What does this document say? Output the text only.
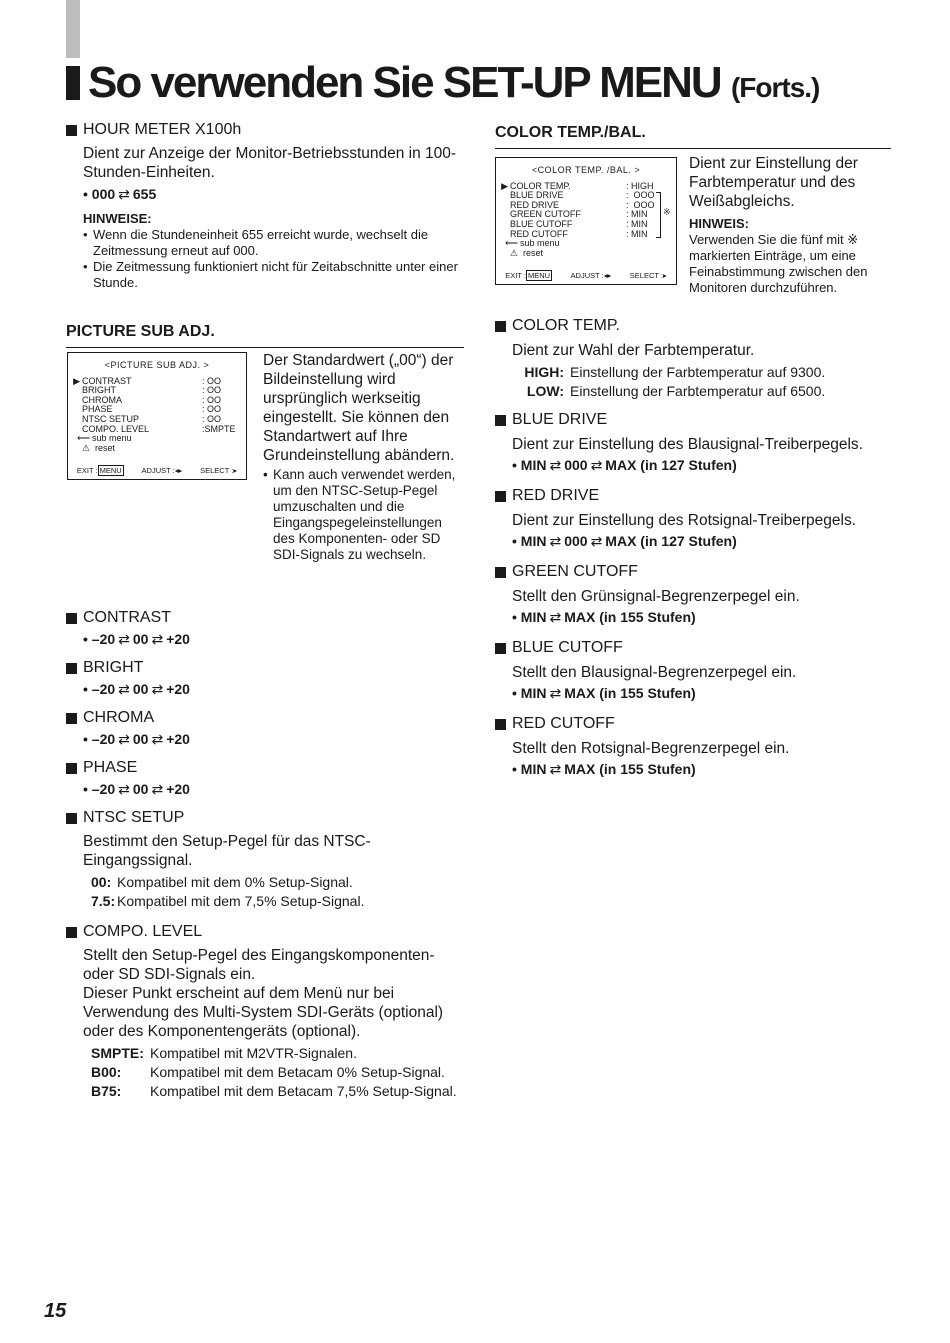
So verwenden Sie SET-UP MENU (Forts.)

HOUR METER X100h

Dient zur Anzeige der Monitor-Betriebsstunden in 100-Stunden-Einheiten.

• 000 ⇄ 655

HINWEISE:

• Wenn die Stundeneinheit 655 erreicht wurde, wechselt die Zeitmessung erneut auf 000.
• Die Zeitmessung funktioniert nicht für Zeitabschnitte unter einer Stunde.

PICTURE SUB ADJ.

<PICTURE SUB ADJ. >
▶ CONTRAST	: OO
BRIGHT	: OO
CHROMA	: OO
PHASE	: OO
NTSC SETUP	: OO
COMPO. LEVEL	:SMPTE
⟵ sub menu
⚠ reset
EXIT : MENU	ADJUST :◂▸ SELECT :▸

Der Standardwert („00“) der Bildeinstellung wird ursprünglich werkseitig eingestellt. Sie können den Standartwert auf Ihre Grundeinstellung abändern.

• Kann auch verwendet werden, um den NTSC-Setup-Pegel umzuschalten und die Eingangspegeleinstellungen des Komponenten- oder SD SDI-Signals zu wechseln.

CONTRAST

• –20 ⇄ 00 ⇄ +20

BRIGHT

• –20 ⇄ 00 ⇄ +20

CHROMA

• –20 ⇄ 00 ⇄ +20

PHASE

• –20 ⇄ 00 ⇄ +20

NTSC SETUP

Bestimmt den Setup-Pegel für das NTSC-Eingangssignal.

00: Kompatibel mit dem 0% Setup-Signal.
7.5: Kompatibel mit dem 7,5% Setup-Signal.

COMPO. LEVEL

Stellt den Setup-Pegel des Eingangskomponenten-oder SD SDI-Signals ein.

Dieser Punkt erscheint auf dem Menü nur bei Verwendung des Multi-System SDI-Geräts (optional) oder des Komponentengeräts (optional).

SMPTE: Kompatibel mit M2VTR-Signalen.
B00:	Kompatibel mit dem Betacam 0% Setup-Signal.
B75:	Kompatibel mit dem Betacam 7,5% Setup-Signal.

COLOR TEMP./BAL.

<COLOR TEMP. /BAL. >
▶ COLOR TEMP.	: HIGH
BLUE DRIVE	:  OOO
RED DRIVE	:  OOO
GREEN CUTOFF	: MIN
BLUE CUTOFF	: MIN
RED CUTOFF	: MIN
⟵ sub menu
⚠ reset
※
EXIT : MENU	ADJUST :◂▸ SELECT :▸

Dient zur Einstellung der Farbtemperatur und des Weißabgleichs.

HINWEIS:

Verwenden Sie die fünf mit ※ markierten Einträge, um eine Feinabstimmung zwischen den Monitoren durchzuführen.

COLOR TEMP.

Dient zur Wahl der Farbtemperatur.

HIGH: Einstellung der Farbtemperatur auf 9300.
LOW: Einstellung der Farbtemperatur auf 6500.

BLUE DRIVE

Dient zur Einstellung des Blausignal-Treiberpegels.

• MIN ⇄ 000 ⇄ MAX (in 127 Stufen)

RED DRIVE

Dient zur Einstellung des Rotsignal-Treiberpegels.

• MIN ⇄ 000 ⇄ MAX (in 127 Stufen)

GREEN CUTOFF

Stellt den Grünsignal-Begrenzerpegel ein.

• MIN ⇄ MAX (in 155 Stufen)

BLUE CUTOFF

Stellt den Blausignal-Begrenzerpegel ein.

• MIN ⇄ MAX (in 155 Stufen)

RED CUTOFF

Stellt den Rotsignal-Begrenzerpegel ein.

• MIN ⇄ MAX (in 155 Stufen)

15
